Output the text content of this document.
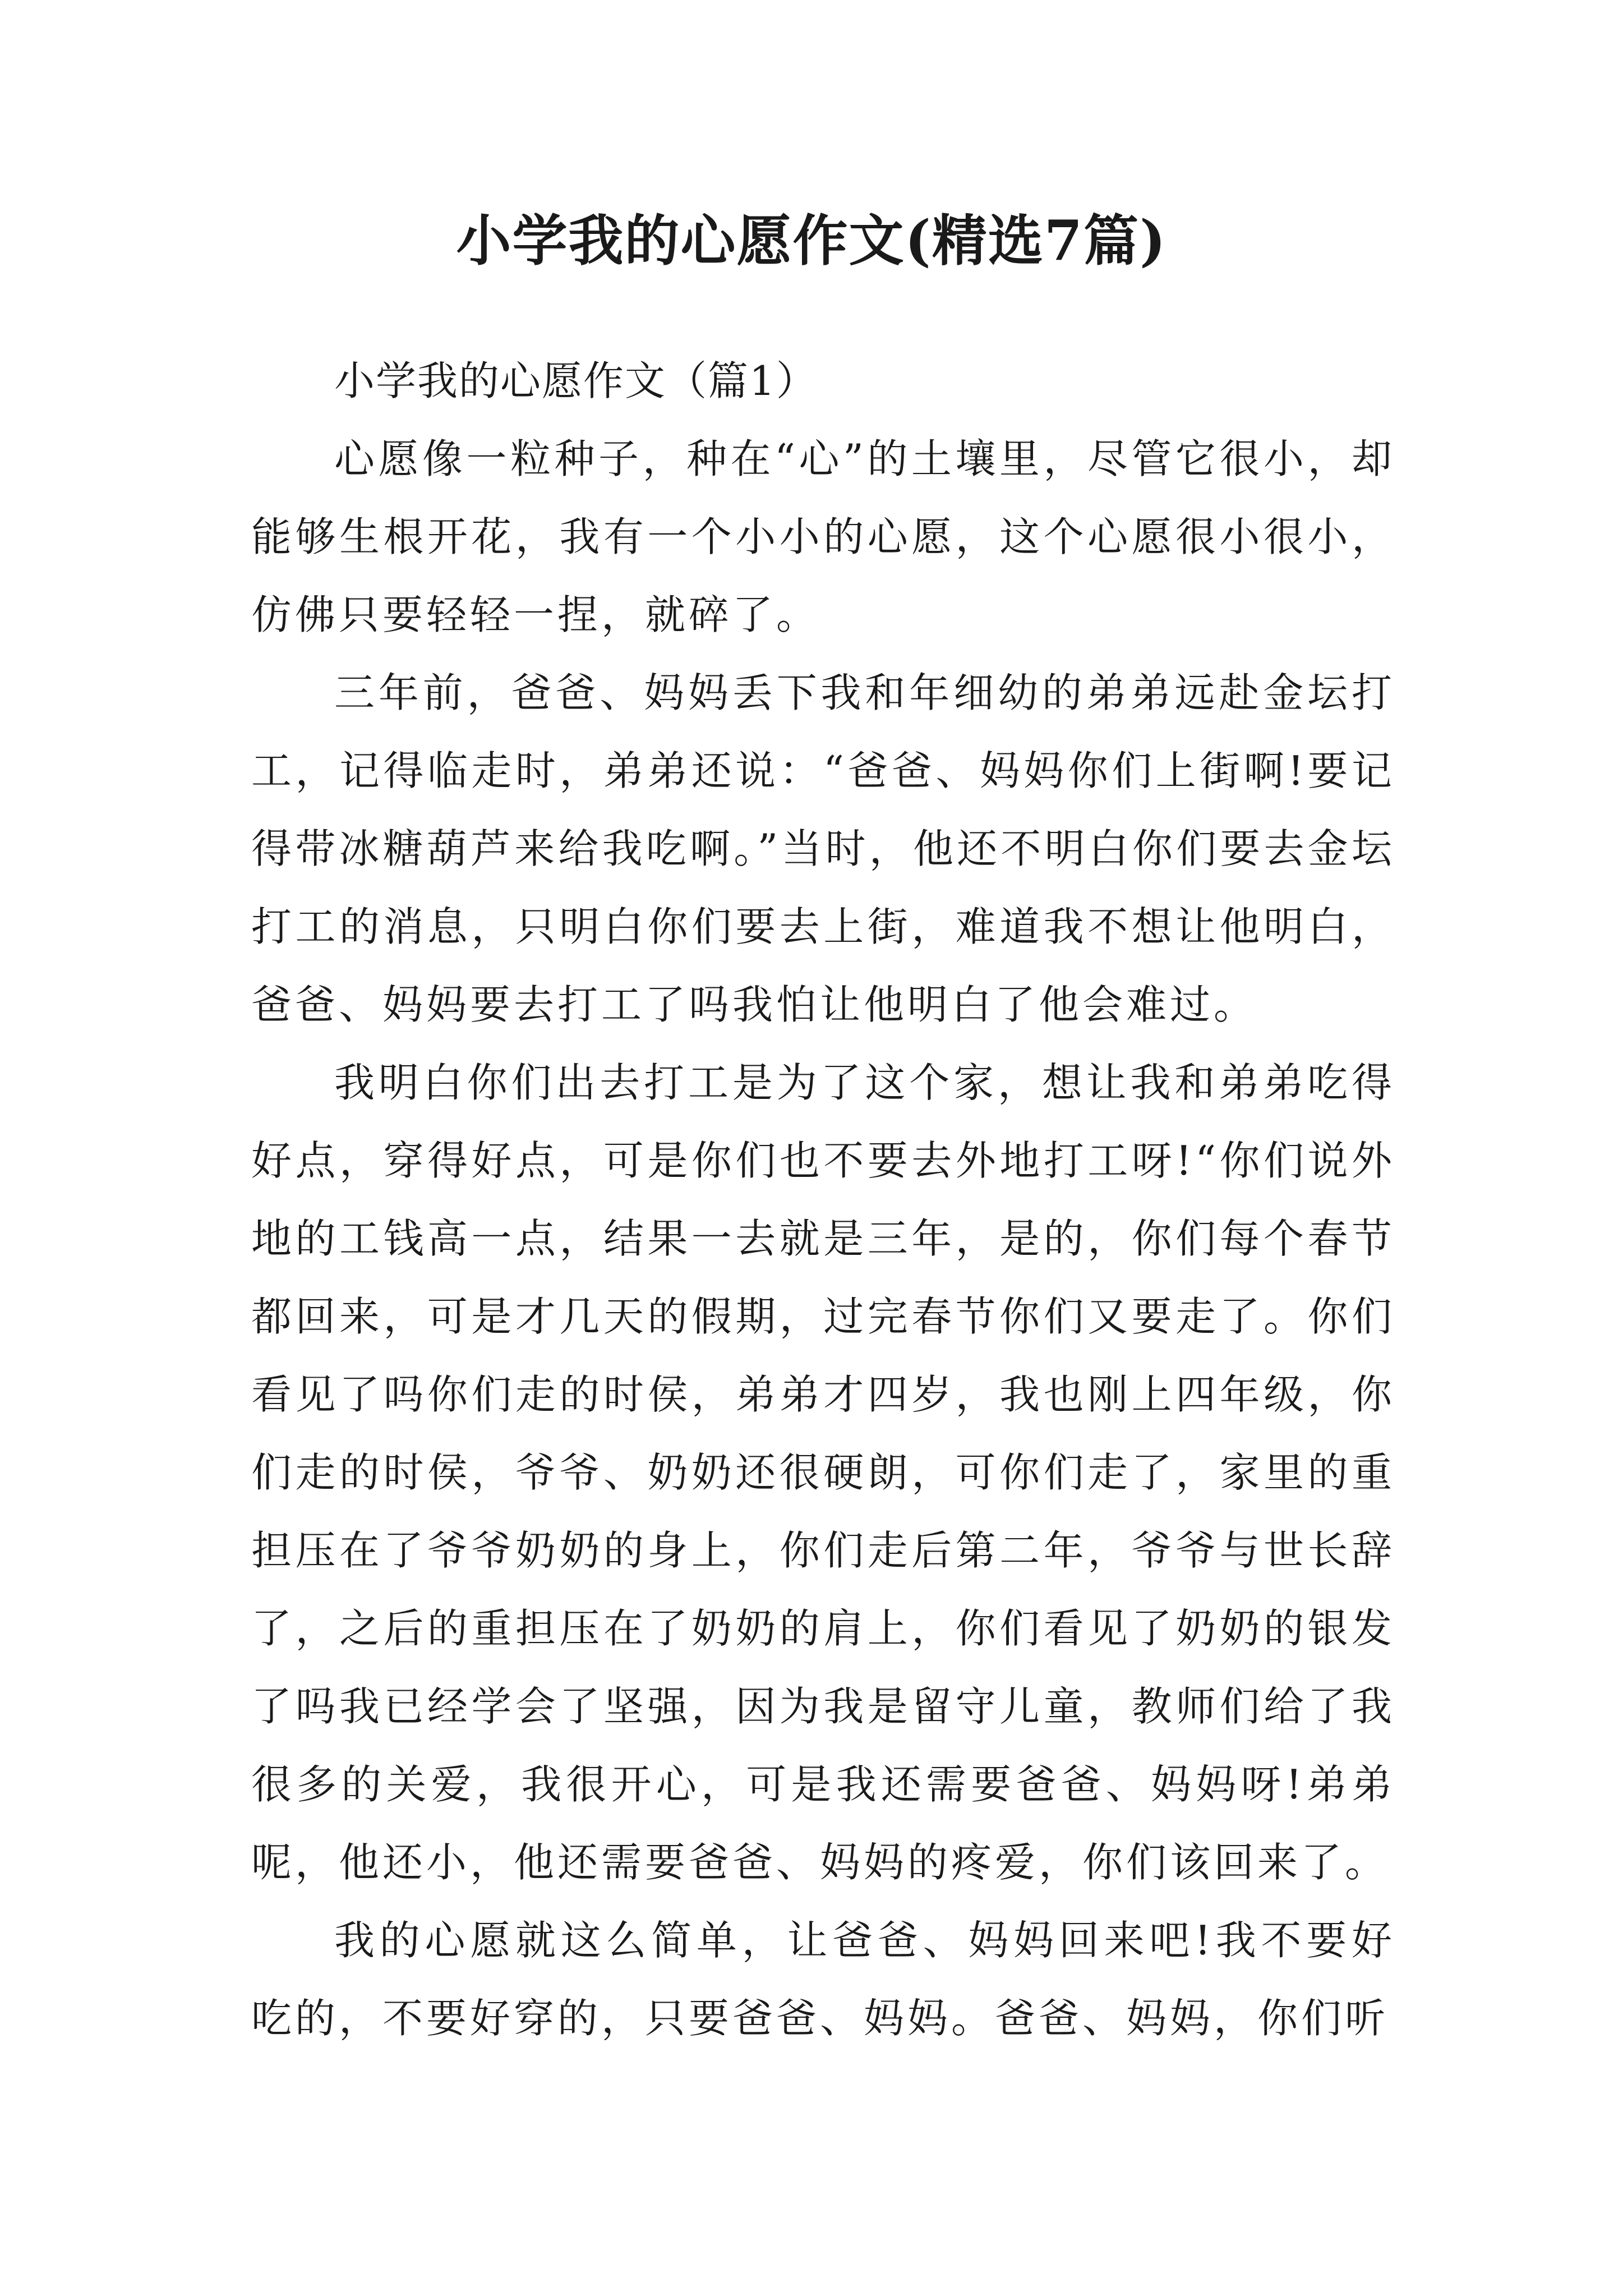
小学我的心愿作文(精选7篇)

小学我的心愿作文（篇1）

心愿像一粒种子，种在“心”的土壤里，尽管它很小，却能够生根开花，我有一个小小的心愿，这个心愿很小很小，仿佛只要轻轻一捏，就碎了。

三年前，爸爸、妈妈丢下我和年细幼的弟弟远赴金坛打工，记得临走时，弟弟还说：“爸爸、妈妈你们上街啊!要记得带冰糖葫芦来给我吃啊。”当时，他还不明白你们要去金坛打工的消息，只明白你们要去上街，难道我不想让他明白，爸爸、妈妈要去打工了吗我怕让他明白了他会难过。

我明白你们出去打工是为了这个家，想让我和弟弟吃得好点，穿得好点，可是你们也不要去外地打工呀!“你们说外地的工钱高一点，结果一去就是三年，是的，你们每个春节都回来，可是才几天的假期，过完春节你们又要走了。你们看见了吗你们走的时侯，弟弟才四岁，我也刚上四年级，你们走的时侯，爷爷、奶奶还很硬朗，可你们走了，家里的重担压在了爷爷奶奶的身上，你们走后第二年，爷爷与世长辞了，之后的重担压在了奶奶的肩上，你们看见了奶奶的银发了吗我已经学会了坚强，因为我是留守儿童，教师们给了我很多的关爱，我很开心，可是我还需要爸爸、妈妈呀!弟弟呢，他还小，他还需要爸爸、妈妈的疼爱，你们该回来了。

我的心愿就这么简单，让爸爸、妈妈回来吧!我不要好吃的，不要好穿的，只要爸爸、妈妈。爸爸、妈妈，你们听
